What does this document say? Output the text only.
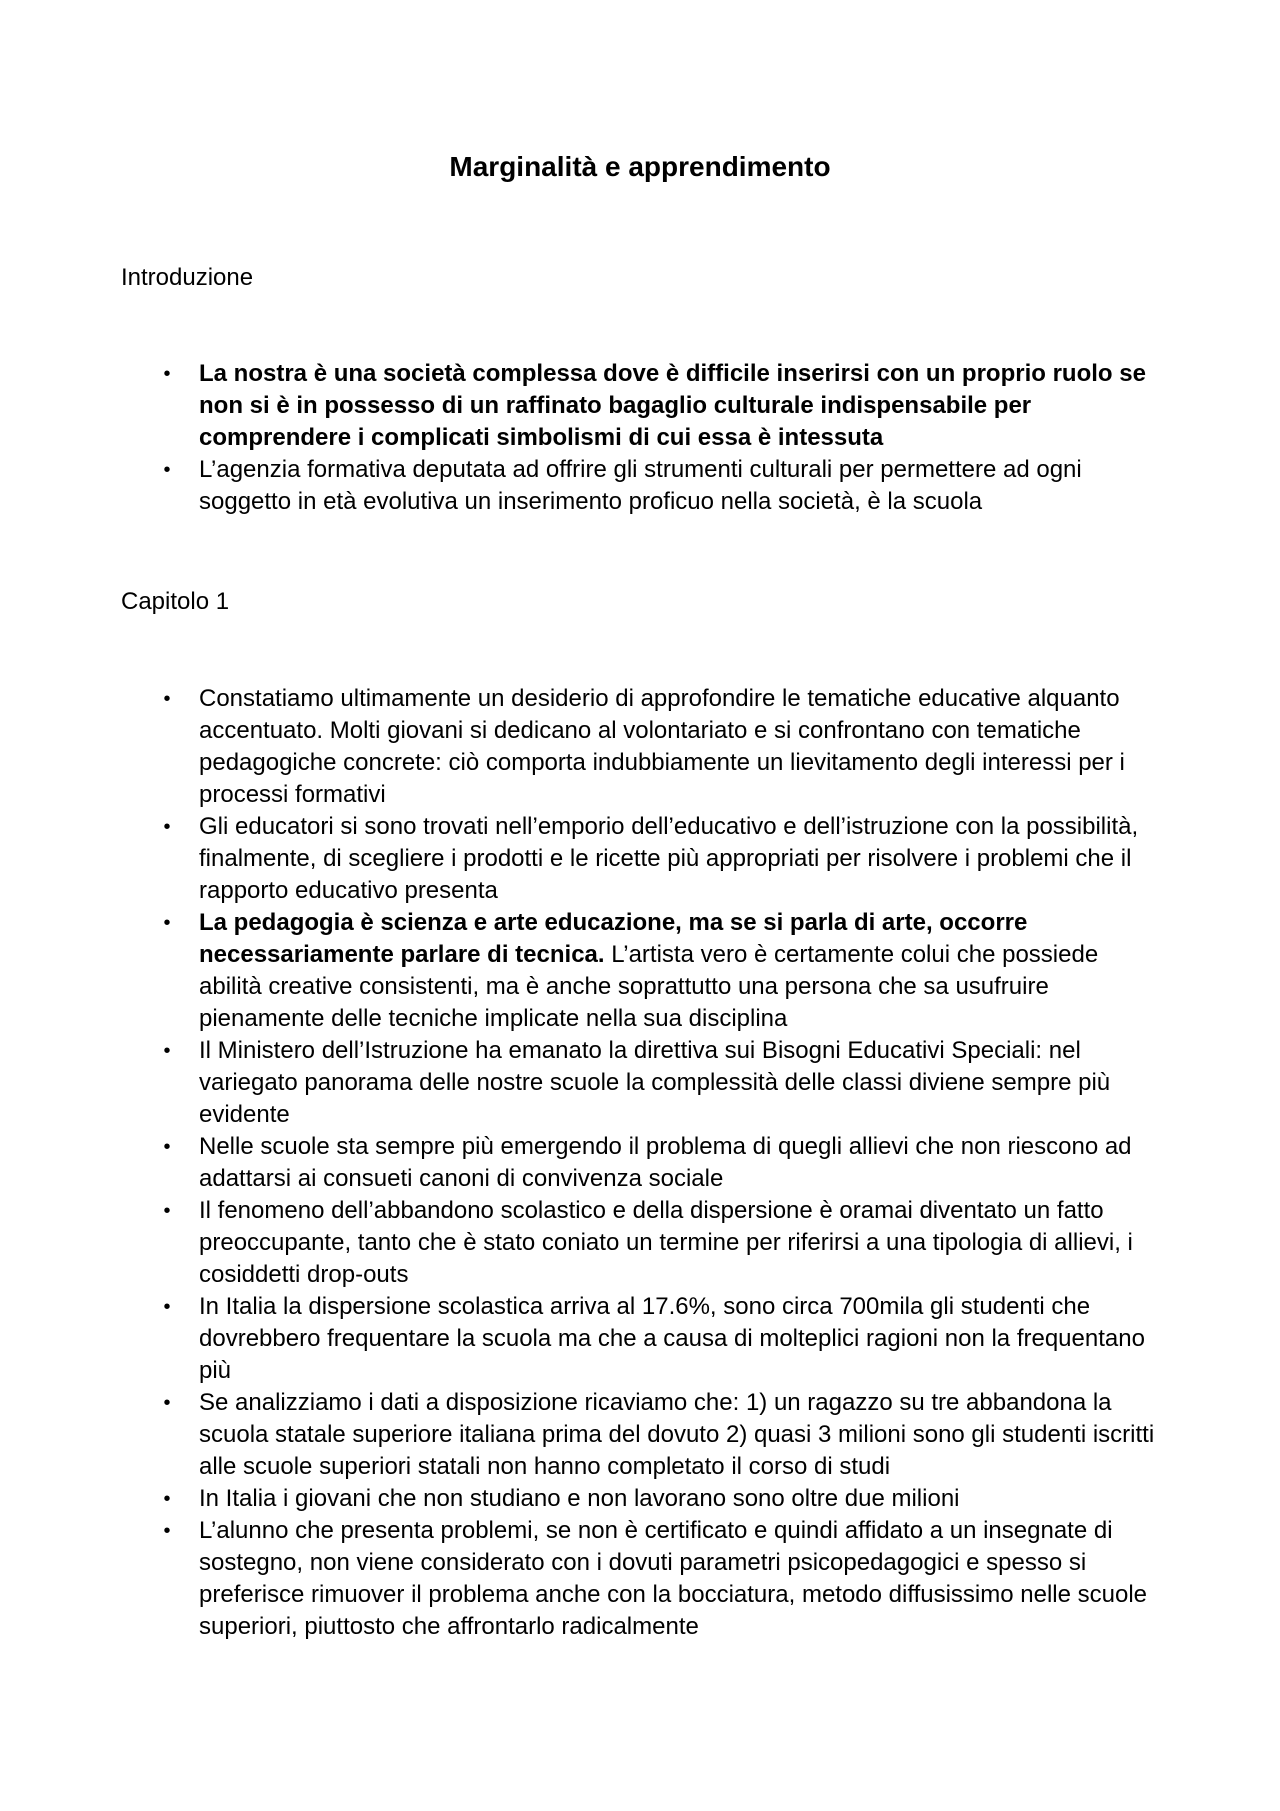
Marginalità e apprendimento
Introduzione
• La nostra è una società complessa dove è difficile inserirsi con un proprio ruolo se non si è in possesso di un raffinato bagaglio culturale indispensabile per comprendere i complicati simbolismi di cui essa è intessuta
• L’agenzia formativa deputata ad offrire gli strumenti culturali per permettere ad ogni soggetto in età evolutiva un inserimento proficuo nella società, è la scuola
Capitolo 1
• Constatiamo ultimamente un desiderio di approfondire le tematiche educative alquanto accentuato. Molti giovani si dedicano al volontariato e si confrontano con tematiche pedagogiche concrete: ciò comporta indubbiamente un lievitamento degli interessi per i processi formativi
• Gli educatori si sono trovati nell’emporio dell’educativo e dell’istruzione con la possibilità, finalmente, di scegliere i prodotti e le ricette più appropriati per risolvere i problemi che il rapporto educativo presenta
• La pedagogia è scienza e arte educazione, ma se si parla di arte, occorre necessariamente parlare di tecnica. L’artista vero è certamente colui che possiede abilità creative consistenti, ma è anche soprattutto una persona che sa usufruire pienamente delle tecniche implicate nella sua disciplina
• Il Ministero dell’Istruzione ha emanato la direttiva sui Bisogni Educativi Speciali: nel variegato panorama delle nostre scuole la complessità delle classi diviene sempre più evidente
• Nelle scuole sta sempre più emergendo il problema di quegli allievi che non riescono ad adattarsi ai consueti canoni di convivenza sociale
• Il fenomeno dell’abbandono scolastico e della dispersione è oramai diventato un fatto preoccupante, tanto che è stato coniato un termine per riferirsi a una tipologia di allievi, i cosiddetti drop-outs
• In Italia la dispersione scolastica arriva al 17.6%, sono circa 700mila gli studenti che dovrebbero frequentare la scuola ma che a causa di molteplici ragioni non la frequentano più
• Se analizziamo i dati a disposizione ricaviamo che: 1) un ragazzo su tre abbandona la scuola statale superiore italiana prima del dovuto 2) quasi 3 milioni sono gli studenti iscritti alle scuole superiori statali non hanno completato il corso di studi
• In Italia i giovani che non studiano e non lavorano sono oltre due milioni
• L’alunno che presenta problemi, se non è certificato e quindi affidato a un insegnate di sostegno, non viene considerato con i dovuti parametri psicopedagogici e spesso si preferisce rimuover il problema anche con la bocciatura, metodo diffusissimo nelle scuole superiori, piuttosto che affrontarlo radicalmente
